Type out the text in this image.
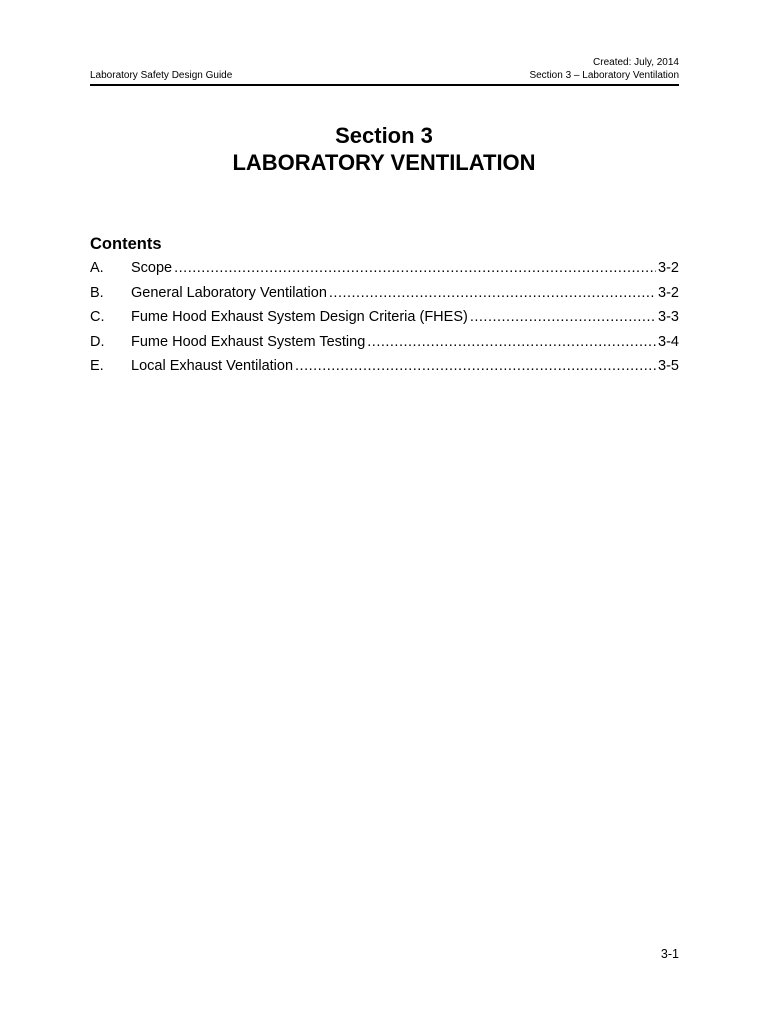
Created: July, 2014
Section 3 – Laboratory Ventilation
Laboratory Safety Design Guide
Section 3
LABORATORY VENTILATION
Contents
A.	Scope .....	3-2
B.	General Laboratory Ventilation .....	3-2
C.	Fume Hood Exhaust System Design Criteria (FHES) .....	3-3
D.	Fume Hood Exhaust System Testing .....	3-4
E.	Local Exhaust Ventilation .....	3-5
3-1
